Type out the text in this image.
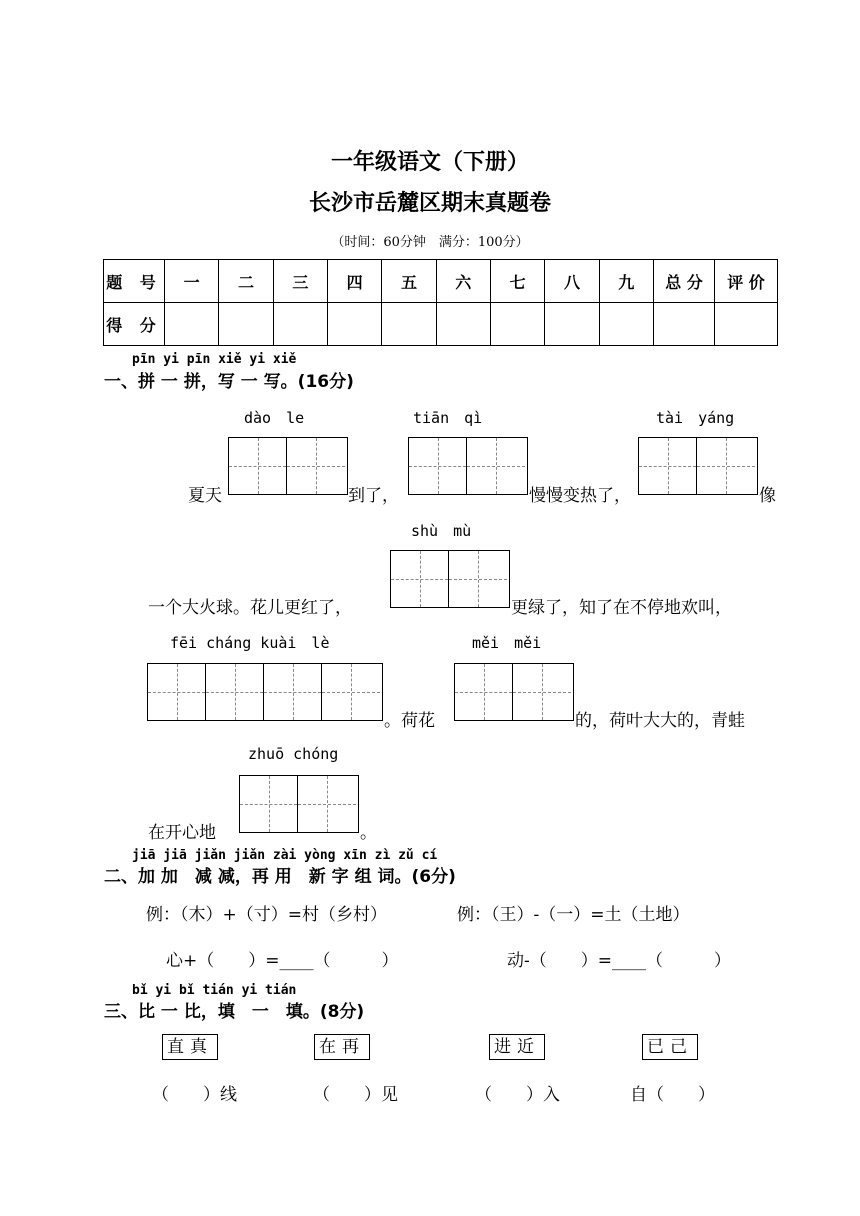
一年级语文（下册）
长沙市岳麓区期末真题卷
（时间：60分钟　满分：100分）
题 号	一	二	三	四	五	六	七	八	九	总 分	评 价
得 分											
pīn yi pīn xiě yi xiě
一、拼 一 拼，写 一 写。(16分)
dào　le	tiān　qì	tài　yáng
夏天	到了，	慢慢变热了，	像
shù　mù
一个大火球。花儿更红了，	更绿了，知了在不停地欢叫，
fēi cháng kuài　lè	měi　měi
。荷花	的，荷叶大大的，青蛙
zhuō chóng
在开心地	。
jiā jiā jiǎn jiǎn zài yòng xīn zì zǔ cí
二、加 加　减 减，再 用　新 字 组 词。(6分)
例：（木）+（寸）=村（乡村）	例：（王）-（一）=土（土地）
心+（　　）=____（　　　）	动-（　　）=____（　　　）
bǐ yi bǐ tián yi tián
三、比 一 比，填　一　填。(8分)
直真	在再	进近	已己
（　　）线	（　　）见	（　　）入	自（　　）
